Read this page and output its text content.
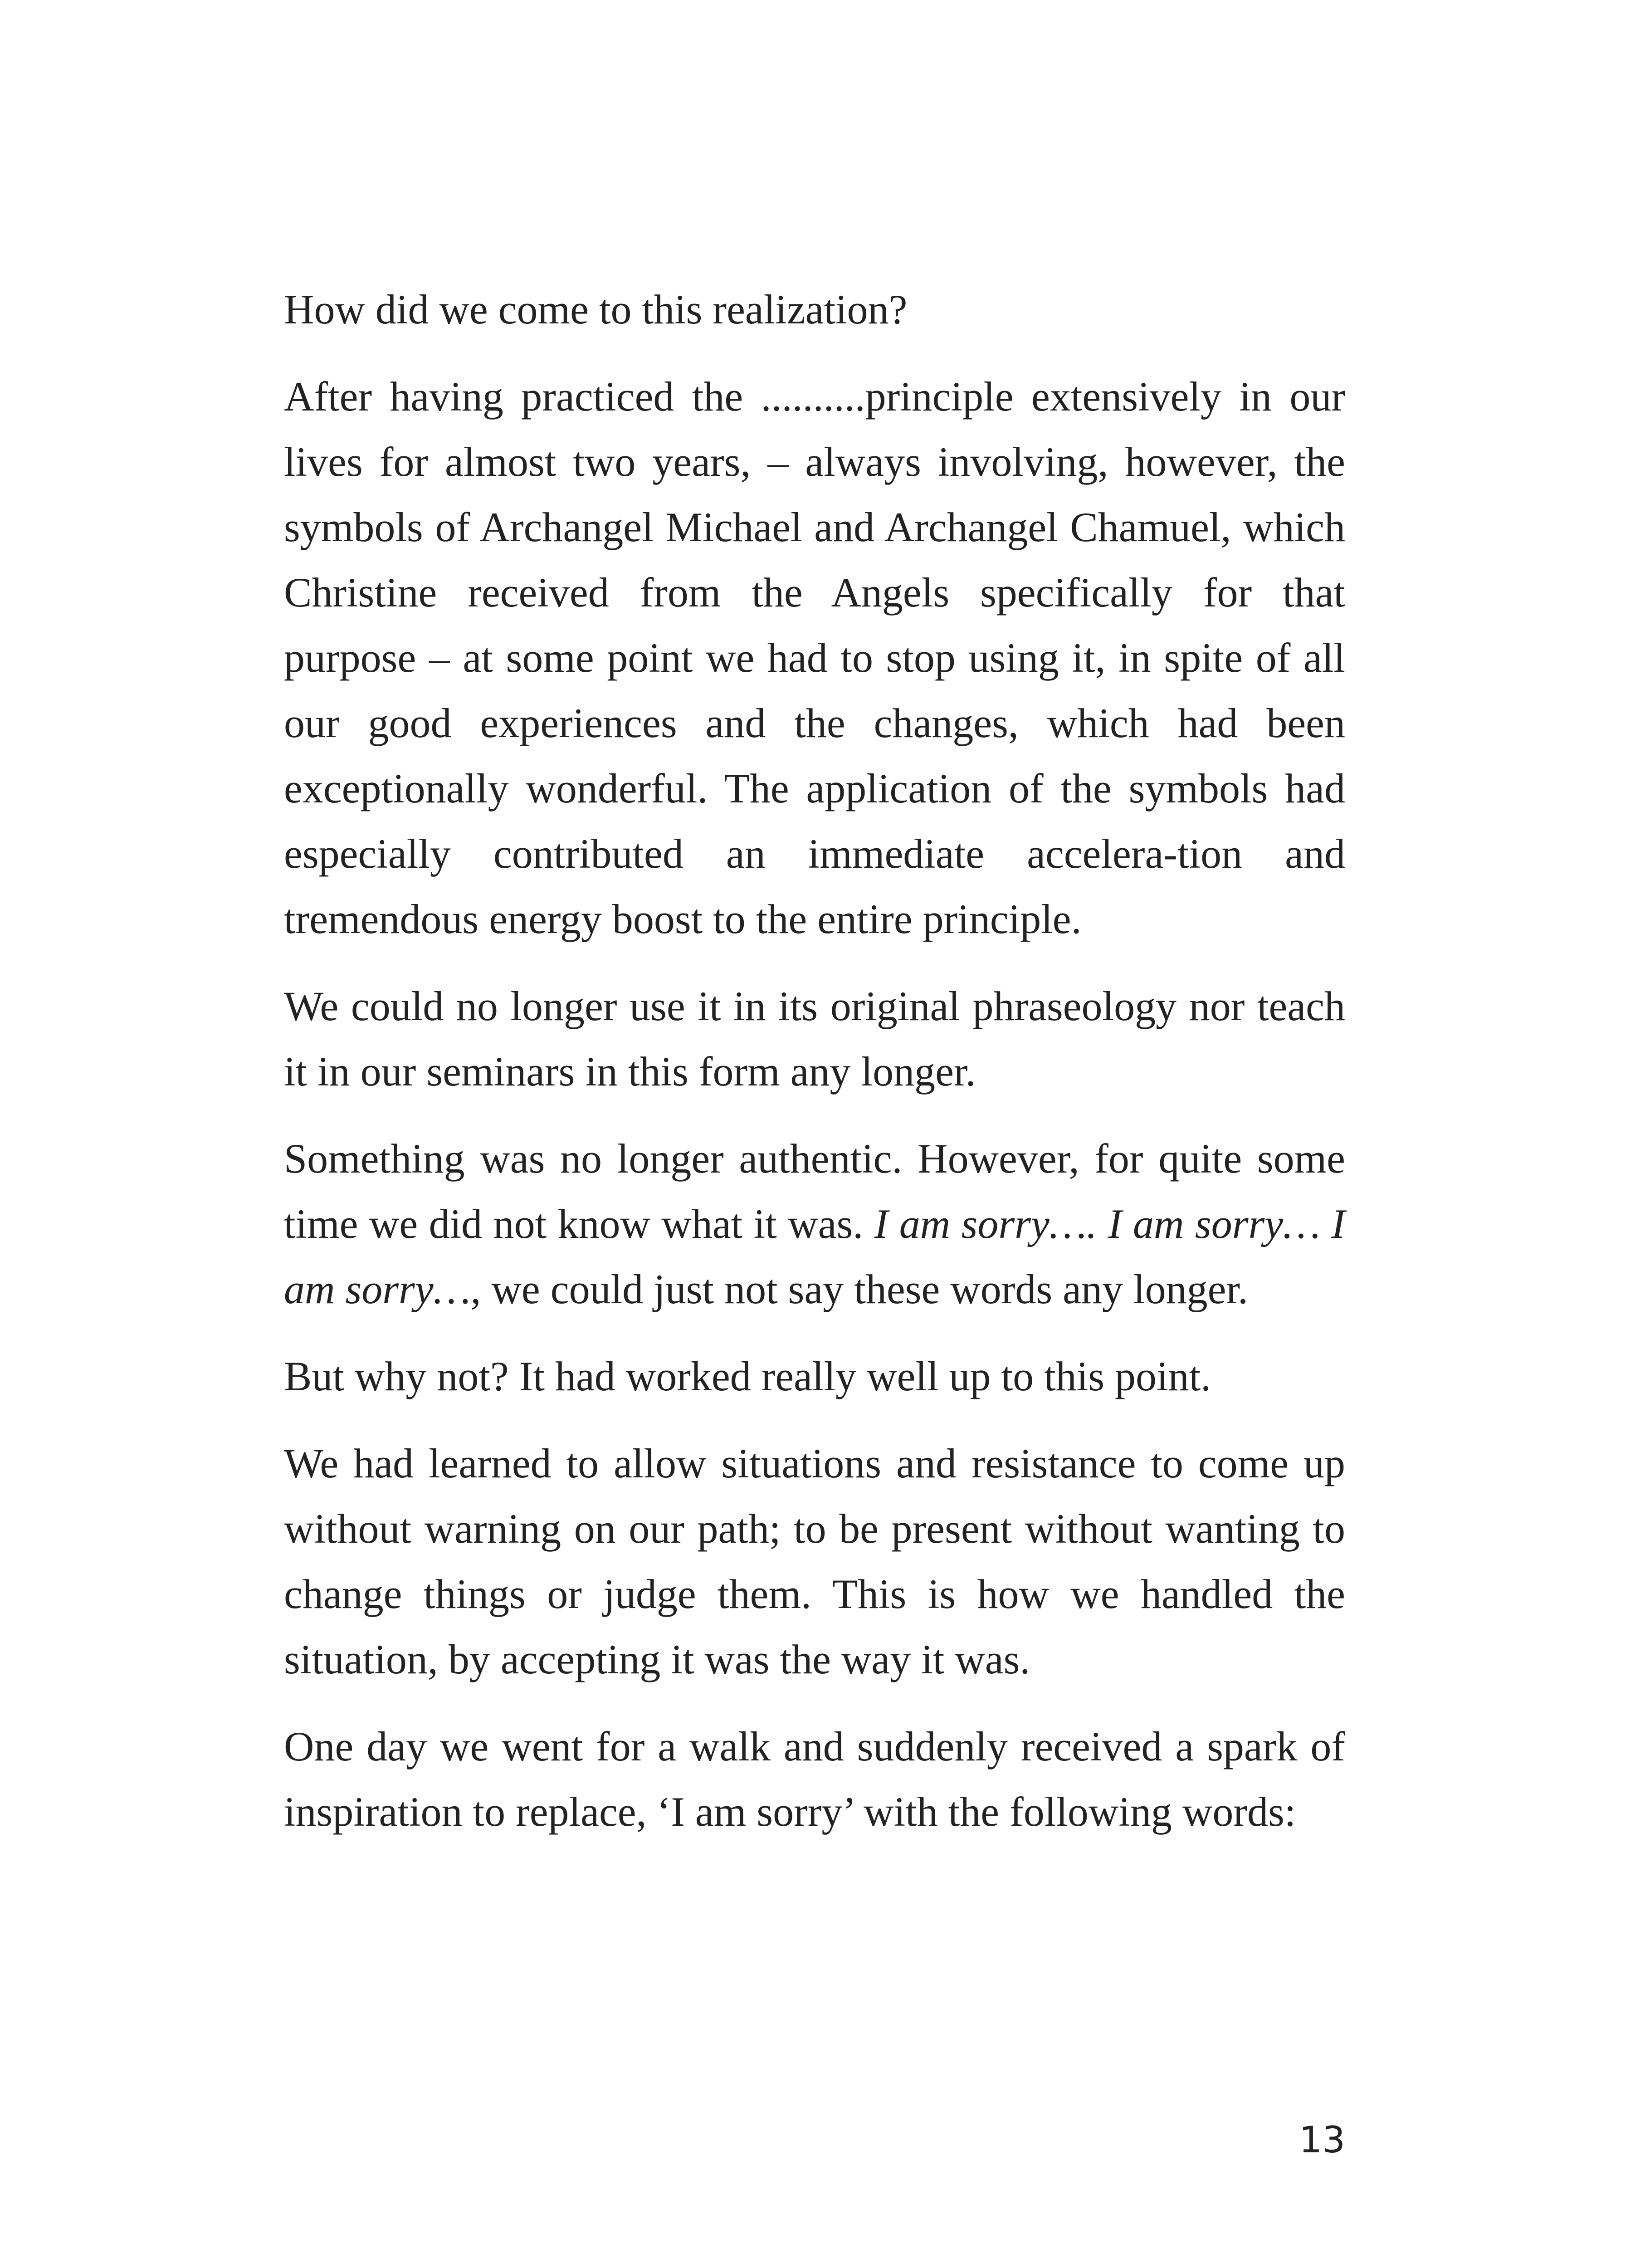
How did we come to this realization?

After having practiced the ..........principle extensively in our lives for almost two years, – always involving, however, the symbols of Archangel Michael and Archangel Chamuel, which Christine received from the Angels specifically for that purpose – at some point we had to stop using it, in spite of all our good experiences and the changes, which had been exceptionally wonderful. The application of the symbols had especially contributed an immediate accelera-tion and tremendous energy boost to the entire principle.

We could no longer use it in its original phraseology nor teach it in our seminars in this form any longer.

Something was no longer authentic. However, for quite some time we did not know what it was. I am sorry…. I am sorry… I am sorry…, we could just not say these words any longer.

But why not? It had worked really well up to this point.

We had learned to allow situations and resistance to come up without warning on our path; to be present without wanting to change things or judge them. This is how we handled the situation, by accepting it was the way it was.

One day we went for a walk and suddenly received a spark of inspiration to replace, ‘I am sorry’ with the following words:

13
